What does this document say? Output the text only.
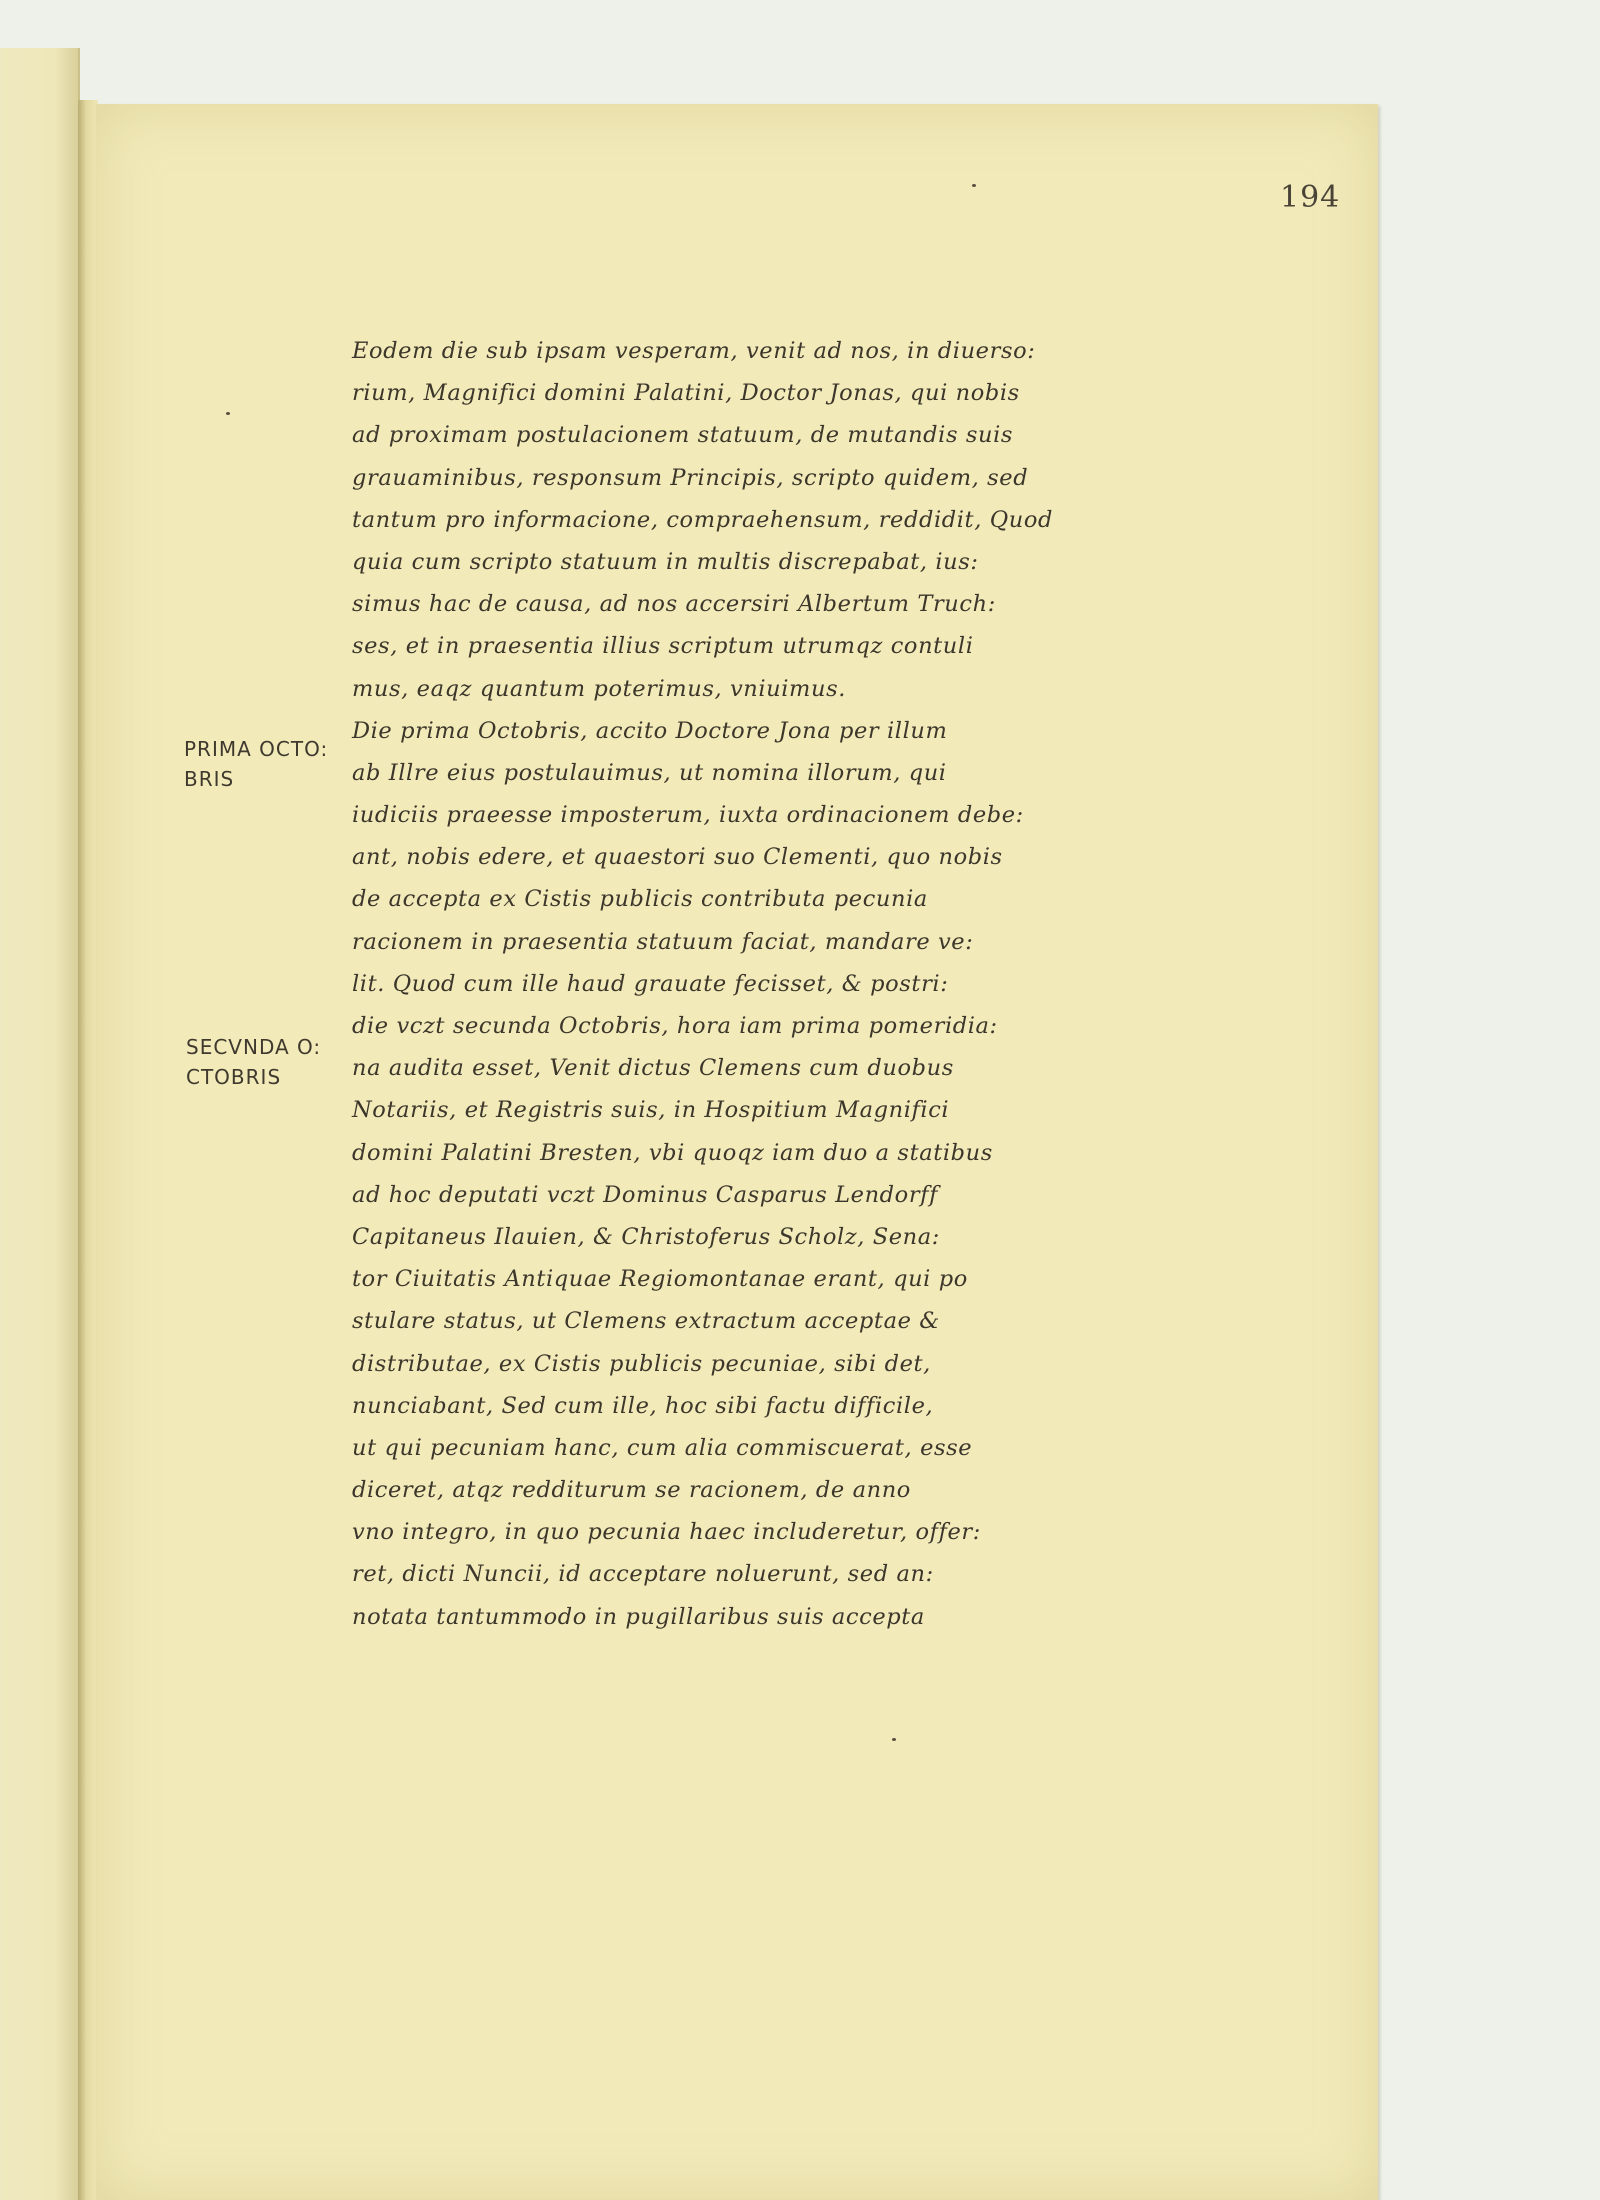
194
PRIMA OCTO:
BRIS
SECVNDA O:
CTOBRIS
Eodem die sub ipsam vesperam, venit ad nos, in diuerso:
rium, Magnifici domini Palatini, Doctor Jonas, qui nobis
ad proximam postulacionem statuum, de mutandis suis
grauaminibus, responsum Principis, scripto quidem, sed
tantum pro informacione, compraehensum, reddidit, Quod
quia cum scripto statuum in multis discrepabat, ius:
simus hac de causa, ad nos accersiri Albertum Truch:
ses, et in praesentia illius scriptum utrumqz contuli
mus, eaqz quantum poterimus, vniuimus.
Die prima Octobris, accito Doctore Jona per illum
ab Illre eius postulauimus, ut nomina illorum, qui
iudiciis praeesse imposterum, iuxta ordinacionem debe:
ant, nobis edere, et quaestori suo Clementi, quo nobis
de accepta ex Cistis publicis contributa pecunia
racionem in praesentia statuum faciat, mandare ve:
lit. Quod cum ille haud grauate fecisset, & postri:
die vczt secunda Octobris, hora iam prima pomeridia:
na audita esset, Venit dictus Clemens cum duobus
Notariis, et Registris suis, in Hospitium Magnifici
domini Palatini Bresten, vbi quoqz iam duo a statibus
ad hoc deputati vczt Dominus Casparus Lendorff
Capitaneus Ilauien, & Christoferus Scholz, Sena:
tor Ciuitatis Antiquae Regiomontanae erant, qui po
stulare status, ut Clemens extractum acceptae &
distributae, ex Cistis publicis pecuniae, sibi det,
nunciabant, Sed cum ille, hoc sibi factu difficile,
ut qui pecuniam hanc, cum alia commiscuerat, esse
diceret, atqz redditurum se racionem, de anno
vno integro, in quo pecunia haec includeretur, offer:
ret, dicti Nuncii, id acceptare noluerunt, sed an:
notata tantummodo in pugillaribus suis accepta
